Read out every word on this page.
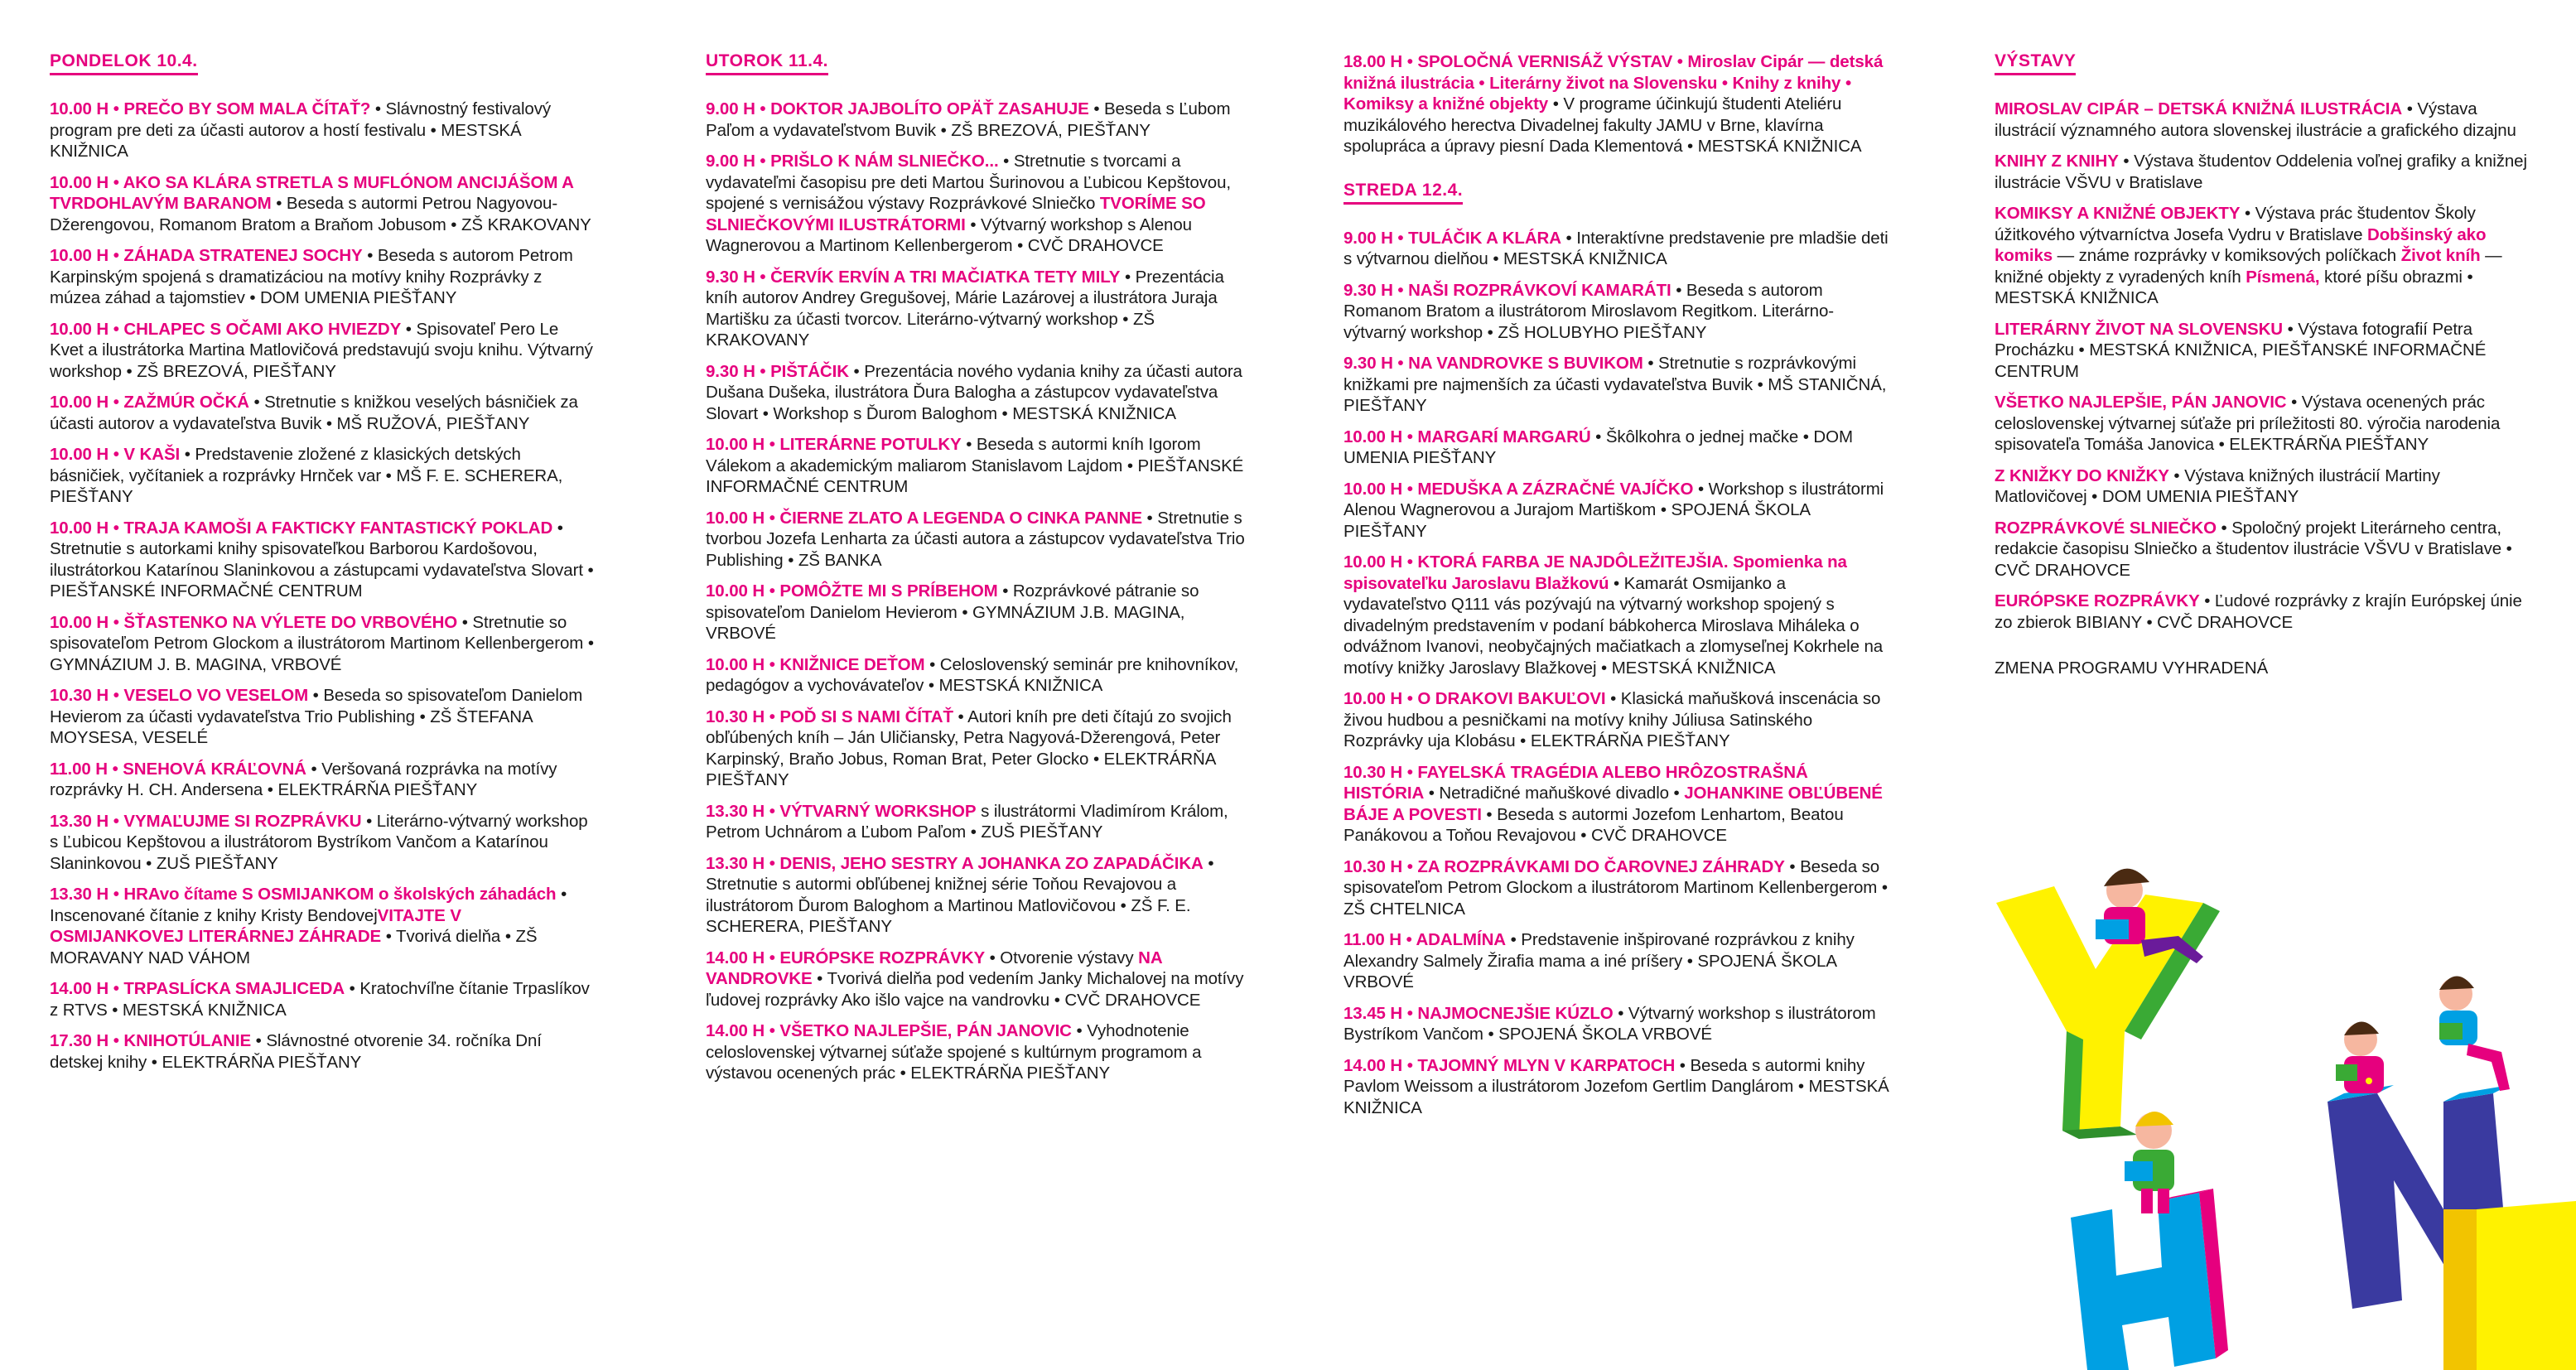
PONDELOK 10.4.
10.00 H • PREČO BY SOM MALA ČÍTAŤ? • Slávnostný festivalový program pre deti za účasti autorov a hostí festivalu • MESTSKÁ KNIŽNICA
10.00 H • AKO SA KLÁRA STRETLA S MUFLÓNOM ANCIJÁŠOM A TVRDOHLAVÝM BARANOM • Beseda s autormi Petrou Nagyovou-Džerengovou, Romanom Bratom a Braňom Jobusom • ZŠ KRAKOVANY
10.00 H • ZÁHADA STRATENEJ SOCHY • Beseda s autorom Petrom Karpinským spojená s dramatizáciou na motívy knihy Rozprávky z múzea záhad a tajomstiev • DOM UMENIA PIEŠŤANY
10.00 H • CHLAPEC S OČAMI AKO HVIEZDY • Spisovateľ Pero Le Kvet a ilustrátorka Martina Matlovičová predstavujú svoju knihu. Výtvarný workshop • ZŠ BREZOVÁ, PIEŠŤANY
10.00 H • ZAŽMÚR OČKÁ • Stretnutie s knižkou veselých básničiek za účasti autorov a vydavateľstva Buvik • MŠ RUŽOVÁ, PIEŠŤANY
10.00 H • V KAŠI • Predstavenie zložené z klasických detských básničiek, vyčítaniek a rozprávky Hrnček var • MŠ F. E. SCHERERA, PIEŠŤANY
10.00 H • TRAJA KAMOŠI A FAKTICKY FANTASTICKÝ POKLAD • Stretnutie s autorkami knihy spisovateľkou Barborou Kardošovou, ilustrátorkou Katarínou Slaninkovou a zástupcami vydavateľstva Slovart • PIEŠŤANSKÉ INFORMAČNÉ CENTRUM
10.00 H • ŠŤASTENKO NA VÝLETE DO VRBOVÉHO • Stretnutie so spisovateľom Petrom Glockom a ilustrátorom Martinom Kellenbergerom • GYMNÁZIUM J. B. MAGINA, VRBOVÉ
10.30 H • VESELO VO VESELOM • Beseda so spisovateľom Danielom Hevierom za účasti vydavateľstva Trio Publishing • ZŠ ŠTEFANA MOYSESA, VESELÉ
11.00 H • SNEHOVÁ KRÁĽOVNÁ • Veršovaná rozprávka na motívy rozprávky H. CH. Andersena • ELEKTRÁRŇA PIEŠŤANY
13.30 H • VYMAĽUJME SI ROZPRÁVKU • Literárno-výtvarný workshop s Ľubicou Kepštovou a ilustrátorom Bystríkom Vančom a Katarínou Slaninkovou • ZUŠ PIEŠŤANY
13.30 H • HRAvo čítame S OSMIJANKOM o školských záhadách • Inscenované čítanie z knihy Kristy BendovejVITAJTE V OSMIJANKOVEJ LITERÁRNEJ ZÁHRADE • Tvorivá dielňa • ZŠ MORAVANY NAD VÁHOM
14.00 H • TRPASLÍCKA SMAJLICEDA • Kratochvíľne čítanie Trpaslíkov z RTVS • MESTSKÁ KNIŽNICA
17.30 H • KNIHOTÚLANIE • Slávnostné otvorenie 34. ročníka Dní detskej knihy • ELEKTRÁRŇA PIEŠŤANY
UTOROK 11.4.
9.00 H • DOKTOR JAJBOLÍTO OPÄŤ ZASAHUJE • Beseda s Ľubom Paľom a vydavateľstvom Buvik • ZŠ BREZOVÁ, PIEŠŤANY
9.00 H • PRIŠLO K NÁM SLNIEČKO... • Stretnutie s tvorcami a vydavateľmi časopisu pre deti Martou Šurinovou a Ľubicou Kepštovou, spojené s vernisážou výstavy Rozprávkové Slniečko TVORÍME SO SLNIEČKOVÝMI ILUSTRÁTORMI • Výtvarný workshop s Alenou Wagnerovou a Martinom Kellenbergerom • CVČ DRAHOVCE
9.30 H • ČERVÍK ERVÍN A TRI MAČIATKA TETY MILY • Prezentácia kníh autorov Andrey Gregušovej, Márie Lazárovej a ilustrátora Juraja Martišku za účasti tvorcov. Literárno-výtvarný workshop • ZŠ KRAKOVANY
9.30 H • PIŠTÁČIK • Prezentácia nového vydania knihy za účasti autora Dušana Dušeka, ilustrátora Ďura Balogha a zástupcov vydavateľstva Slovart • Workshop s Ďurom Baloghom • MESTSKÁ KNIŽNICA
10.00 H • LITERÁRNE POTULKY • Beseda s autormi kníh Igorom Válekom a akademickým maliarom Stanislavom Lajdom • PIEŠŤANSKÉ INFORMAČNÉ CENTRUM
10.00 H • ČIERNE ZLATO A LEGENDA O CINKA PANNE • Stretnutie s tvorbou Jozefa Lenharta za účasti autora a zástupcov vydavateľstva Trio Publishing • ZŠ BANKA
10.00 H • POMÔŽTE MI S PRÍBEHOM • Rozprávkové pátranie so spisovateľom Danielom Hevierom • GYMNÁZIUM J.B. MAGINA, VRBOVÉ
10.00 H • KNIŽNICE DEŤOM • Celoslovenský seminár pre knihovníkov, pedagógov a vychovávateľov • MESTSKÁ KNIŽNICA
10.30 H • POĎ SI S NAMI ČÍTAŤ • Autori kníh pre deti čítajú zo svojich obľúbených kníh – Ján Uličiansky, Petra Nagyová-Džerengová, Peter Karpinský, Braňo Jobus, Roman Brat, Peter Glocko • ELEKTRÁRŇA PIEŠŤANY
13.30 H • VÝTVARNÝ WORKSHOP s ilustrátormi Vladimírom Králom, Petrom Uchnárom a Ľubom Paľom • ZUŠ PIEŠŤANY
13.30 H • DENIS, JEHO SESTRY A JOHANKA ZO ZAPADÁČIKA • Stretnutie s autormi obľúbenej knižnej série Toňou Revajovou a ilustrátorom Ďurom Baloghom a Martinou Matlovičovou • ZŠ F. E. SCHERERA, PIEŠŤANY
14.00 H • EURÓPSKE ROZPRÁVKY • Otvorenie výstavy NA VANDROVKE • Tvorivá dielňa pod vedením Janky Michalovej na motívy ľudovej rozprávky Ako išlo vajce na vandrovku • CVČ DRAHOVCE
14.00 H • VŠETKO NAJLEPŠIE, PÁN JANOVIC • Vyhodnotenie celoslovenskej výtvarnej súťaže spojené s kultúrnym programom a výstavou ocenených prác • ELEKTRÁRŇA PIEŠŤANY
18.00 H • SPOLOČNÁ VERNISÁŽ VÝSTAV • Miroslav Cipár — detská knižná ilustrácia • Literárny život na Slovensku • Knihy z knihy • Komiksy a knižné objekty • V programe účinkujú študenti Ateliéru muzikálového herectva Divadelnej fakulty JAMU v Brne, klavírna spolupráca a úpravy piesní Dada Klementová • MESTSKÁ KNIŽNICA
STREDA 12.4.
9.00 H • TULÁČIK A KLÁRA • Interaktívne predstavenie pre mladšie deti s výtvarnou dielňou • MESTSKÁ KNIŽNICA
9.30 H • NAŠI ROZPRÁVKOVÍ KAMARÁTI • Beseda s autorom Romanom Bratom a ilustrátorom Miroslavom Regitkom. Literárno-výtvarný workshop • ZŠ HOLUBYHO PIEŠŤANY
9.30 H • NA VANDROVKE S BUVIKOM • Stretnutie s rozprávkovými knižkami pre najmenších za účasti vydavateľstva Buvik • MŠ STANIČNÁ, PIEŠŤANY
10.00 H • MARGARÍ MARGARÚ • Škôlkohra o jednej mačke • DOM UMENIA PIEŠŤANY
10.00 H • MEDUŠKA A ZÁZRAČNÉ VAJÍČKO • Workshop s ilustrátormi Alenou Wagnerovou a Jurajom Martiškom • SPOJENÁ ŠKOLA PIEŠŤANY
10.00 H • KTORÁ FARBA JE NAJDÔLEŽITEJŠIA. Spomienka na spisovateľku Jaroslavu Blažkovú • Kamarát Osmijanko a vydavateľstvo Q111 vás pozývajú na výtvarný workshop spojený s divadelným predstavením v podaní bábkoherca Miroslava Miháleka o odvážnom Ivanovi, neobyčajných mačiatkach a zlomyseľnej Kokrhele na motívy knižky Jaroslavy Blažkovej • MESTSKÁ KNIŽNICA
10.00 H • O DRAKOVI BAKUĽOVI • Klasická maňušková inscenácia so živou hudbou a pesničkami na motívy knihy Júliusa Satinského Rozprávky uja Klobásu • ELEKTRÁRŇA PIEŠŤANY
10.30 H • FAYELSKÁ TRAGÉDIA ALEBO HRÔZOSTRAŠNÁ HISTÓRIA • Netradičné maňuškové divadlo • JOHANKINE OBĽÚBENÉ BÁJE A POVESTI • Beseda s autormi Jozefom Lenhartom, Beatou Panákovou a Toňou Revajovou • CVČ DRAHOVCE
10.30 H • ZA ROZPRÁVKAMI DO ČAROVNEJ ZÁHRADY • Beseda so spisovateľom Petrom Glockom a ilustrátorom Martinom Kellenbergerom • ZŠ CHTELNICA
11.00 H • ADALMÍNA • Predstavenie inšpirované rozprávkou z knihy Alexandry Salmely Žirafia mama a iné príšery • SPOJENÁ ŠKOLA VRBOVÉ
13.45 H • NAJMOCNEJŠIE KÚZLO • Výtvarný workshop s ilustrátorom Bystríkom Vančom • SPOJENÁ ŠKOLA VRBOVÉ
14.00 H • TAJOMNÝ MLYN V KARPATOCH • Beseda s autormi knihy Pavlom Weissom a ilustrátorom Jozefom Gertlim Danglárom • MESTSKÁ KNIŽNICA
VÝSTAVY
MIROSLAV CIPÁR – DETSKÁ KNIŽNÁ ILUSTRÁCIA • Výstava ilustrácií významného autora slovenskej ilustrácie a grafického dizajnu
KNIHY Z KNIHY • Výstava študentov Oddelenia voľnej grafiky a knižnej ilustrácie VŠVU v Bratislave
KOMIKSY A KNIŽNÉ OBJEKTY • Výstava prác študentov Školy úžitkového výtvarníctva Josefa Vydru v Bratislave Dobšinský ako komiks — známe rozprávky v komiksových políčkach Život kníh — knižné objekty z vyradených kníh Písmená, ktoré píšu obrazmi • MESTSKÁ KNIŽNICA
LITERÁRNY ŽIVOT NA SLOVENSKU • Výstava fotografií Petra Procházku • MESTSKÁ KNIŽNICA, PIEŠŤANSKÉ INFORMAČNÉ CENTRUM
VŠETKO NAJLEPŠIE, PÁN JANOVIC • Výstava ocenených prác celoslovenskej výtvarnej súťaže pri príležitosti 80. výročia narodenia spisovateľa Tomáša Janovica • ELEKTRÁRŇA PIEŠŤANY
Z KNIŽKY DO KNIŽKY • Výstava knižných ilustrácií Martiny Matlovičovej • DOM UMENIA PIEŠŤANY
ROZPRÁVKOVÉ SLNIEČKO • Spoločný projekt Literárneho centra, redakcie časopisu Slniečko a študentov ilustrácie VŠVU v Bratislave • CVČ DRAHOVCE
EURÓPSKE ROZPRÁVKY • Ľudové rozprávky z krajín Európskej únie zo zbierok BIBIANY • CVČ DRAHOVCE
ZMENA PROGRAMU VYHRADENÁ
